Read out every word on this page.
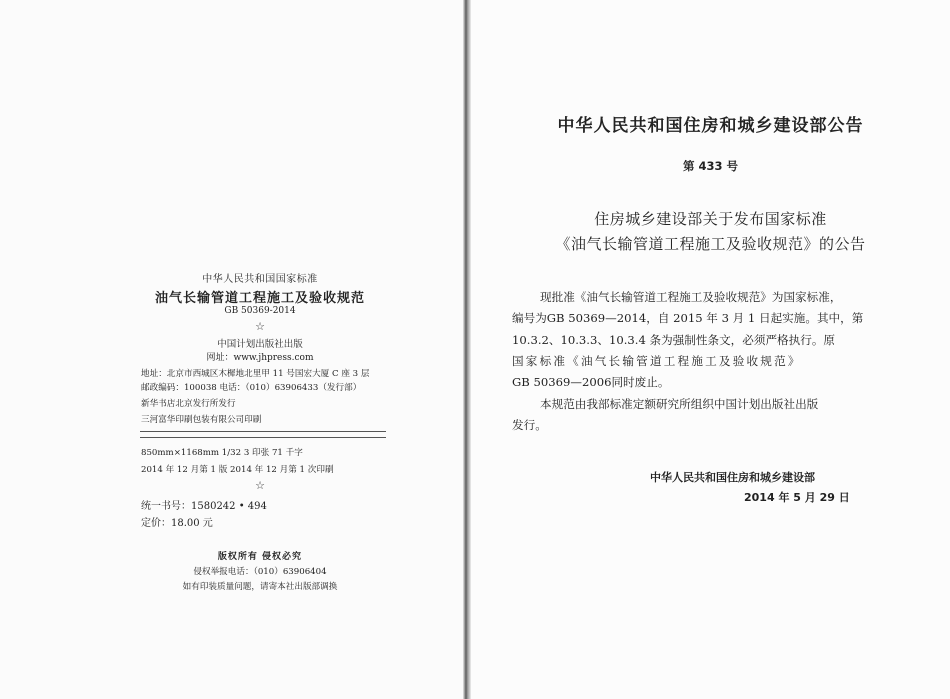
中华人民共和国国家标准
油气长输管道工程施工及验收规范
GB 50369-2014
☆
中国计划出版社出版
网址：www.jhpress.com
地址：北京市西城区木樨地北里甲 11 号国宏大厦 C 座 3 层
邮政编码：100038 电话：（010）63906433（发行部）
新华书店北京发行所发行
三河富华印刷包装有限公司印刷
850mm×1168mm 1/32 3 印张 71 千字
2014 年 12 月第 1 版 2014 年 12 月第 1 次印刷
☆
统一书号：1580242 • 494
定价：18.00 元
版权所有 侵权必究
侵权举报电话：（010）63906404
如有印装质量问题，请寄本社出版部调换
中华人民共和国住房和城乡建设部公告
第 433 号
住房城乡建设部关于发布国家标准
《油气长输管道工程施工及验收规范》的公告
现批准《油气长输管道工程施工及验收规范》为国家标准，
编号为GB 50369—2014，自 2015 年 3 月 1 日起实施。其中，第
10.3.2、10.3.3、10.3.4 条为强制性条文，必须严格执行。原
国家标准《油气长输管道工程施工及验收规范》
GB 50369—2006同时废止。
本规范由我部标准定额研究所组织中国计划出版社出版
发行。
中华人民共和国住房和城乡建设部
2014 年 5 月 29 日
